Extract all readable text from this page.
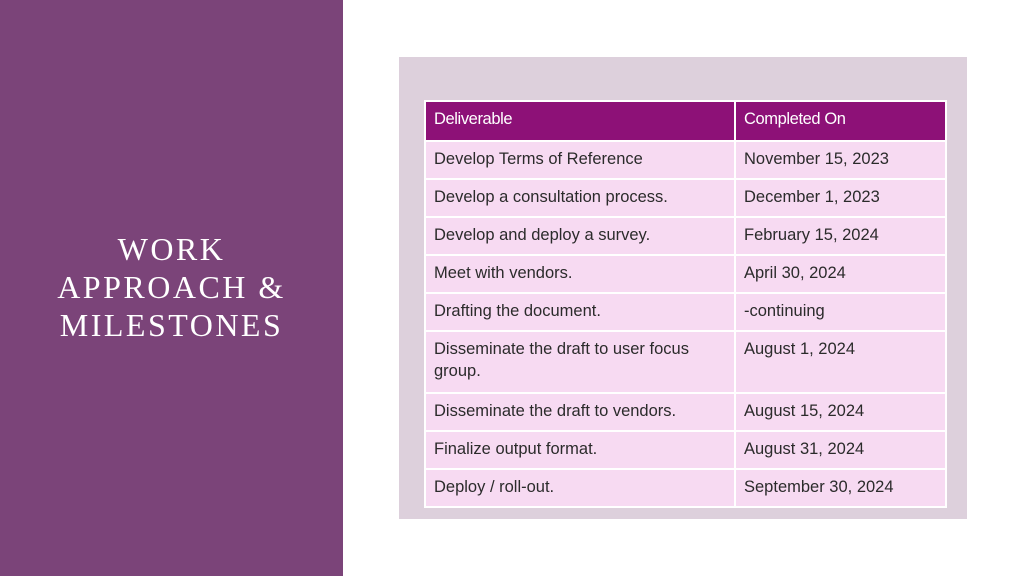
WORK
APPROACH &
MILESTONES
Deliverable	Completed On
Develop Terms of Reference	November 15, 2023
Develop a consultation process.	December 1, 2023
Develop and deploy a survey.	February 15, 2024
Meet with vendors.	April 30, 2024
Drafting the document.	-continuing
Disseminate the draft to user focus group.	August 1, 2024
Disseminate the draft to vendors.	August 15, 2024
Finalize output format.	August 31, 2024
Deploy / roll-out.	September 30, 2024
